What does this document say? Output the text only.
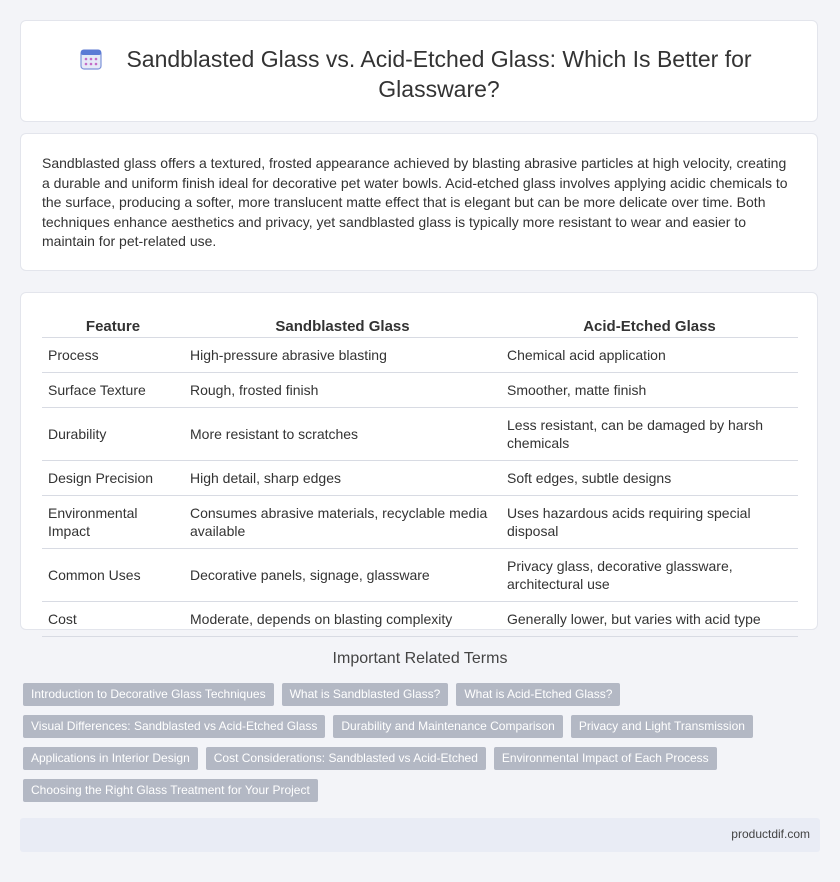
Sandblasted Glass vs. Acid-Etched Glass: Which Is Better for Glassware?

Sandblasted glass offers a textured, frosted appearance achieved by blasting abrasive particles at high velocity, creating a durable and uniform finish ideal for decorative pet water bowls. Acid-etched glass involves applying acidic chemicals to the surface, producing a softer, more translucent matte effect that is elegant but can be more delicate over time. Both techniques enhance aesthetics and privacy, yet sandblasted glass is typically more resistant to wear and easier to maintain for pet-related use.

Feature	Sandblasted Glass	Acid-Etched Glass
Process	High-pressure abrasive blasting	Chemical acid application
Surface Texture	Rough, frosted finish	Smoother, matte finish
Durability	More resistant to scratches	Less resistant, can be damaged by harsh chemicals
Design Precision	High detail, sharp edges	Soft edges, subtle designs
Environmental Impact	Consumes abrasive materials, recyclable media available	Uses hazardous acids requiring special disposal
Common Uses	Decorative panels, signage, glassware	Privacy glass, decorative glassware, architectural use
Cost	Moderate, depends on blasting complexity	Generally lower, but varies with acid type
Important Related Terms
Introduction to Decorative Glass Techniques	What is Sandblasted Glass?	What is Acid-Etched Glass?
Visual Differences: Sandblasted vs Acid-Etched Glass	Durability and Maintenance Comparison	Privacy and Light Transmission
Applications in Interior Design	Cost Considerations: Sandblasted vs Acid-Etched	Environmental Impact of Each Process
Choosing the Right Glass Treatment for Your Project
productdif.com
